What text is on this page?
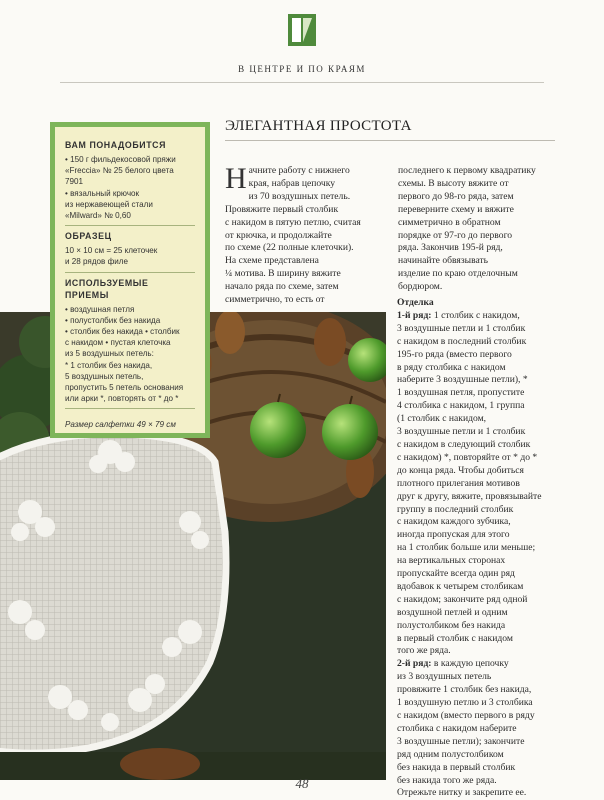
В ЦЕНТРЕ И ПО КРАЯМ
ВАМ ПОНАДОБИТСЯ

• 150 г фильдекосовой пряжи

«Freccia» № 25 белого цвета

7901

• вязальный крючок

из нержавеющей стали

«Milward» № 0,60

ОБРАЗЕЦ

10 × 10 см = 25 клеточек

и 28 рядов филе

ИСПОЛЬЗУЕМЫЕ ПРИЕМЫ

• воздушная петля

• полустолбик без накида

• столбик без накида • столбик

с накидом • пустая клеточка

из 5 воздушных петель:

* 1 столбик без накида,

5 воздушных петель,

пропустить 5 петель основания

или арки *, повторять от * до *

Размер салфетки 49 × 79 см

ЭЛЕГАНТНАЯ ПРОСТОТА
Н ачните работу с нижнего

края, набрав цепочку

из 70 воздушных петель.

Провяжите первый столбик

с накидом в пятую петлю, считая

от крючка, и продолжайте

по схеме (22 полные клеточки).

На схеме представлена

¼ мотива. В ширину вяжите

начало ряда по схеме, затем

симметрично, то есть от

последнего к первому квадратику

схемы. В высоту вяжите от

первого до 98-го ряда, затем

переверните схему и вяжите

симметрично в обратном

порядке от 97-го до первого

ряда. Закончив 195-й ряд,

начинайте обвязывать

изделие по краю отделочным

бордюром.

Отделка

1-й ряд: 1 столбик с накидом,

3 воздушные петли и 1 столбик

с накидом в последний столбик

195-го ряда (вместо первого

в ряду столбика с накидом

наберите 3 воздушные петли), *

1 воздушная петля, пропустите

4 столбика с накидом, 1 группа

(1 столбик с накидом,

3 воздушные петли и 1 столбик

с накидом в следующий столбик

с накидом) *, повторяйте от * до *

до конца ряда. Чтобы добиться

плотного прилегания мотивов

друг к другу, вяжите, провязывайте

группу в последний столбик

с накидом каждого зубчика,

иногда пропуская для этого

на 1 столбик больше или меньше;

на вертикальных сторонах

пропускайте всегда один ряд

вдобавок к четырем столбикам

с накидом; закончите ряд одной

воздушной петлей и одним

полустолбиком без накида

в первый столбик с накидом

того же ряда.

2-й ряд: в каждую цепочку

из 3 воздушных петель

провяжите 1 столбик без накида,

1 воздушную петлю и 3 столбика

с накидом (вместо первого в ряду

столбика с накидом наберите

3 воздушные петли); закончите

ряд одним полустолбиком

без накида в первый столбик

без накида того же ряда.

Отрежьте нитку и закрепите ее.

48
